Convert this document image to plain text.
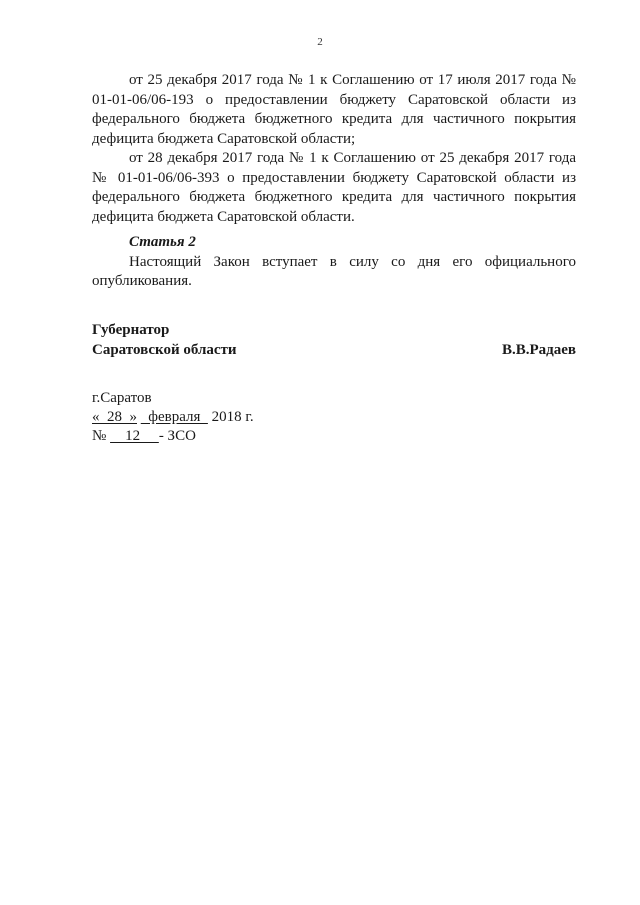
2

от 25 декабря 2017 года № 1 к Соглашению от 17 июля 2017 года № 01-01-06/06-193 о предоставлении бюджету Саратовской области из федерального бюджета бюджетного кредита для частичного покрытия дефицита бюджета Саратовской области;

от 28 декабря 2017 года № 1 к Соглашению от 25 декабря 2017 года № 01-01-06/06-393 о предоставлении бюджету Саратовской области из федерального бюджета бюджетного кредита для частичного покрытия дефицита бюджета Саратовской области.

Статья 2

Настоящий Закон вступает в силу со дня его официального опубликования.

Губернатор
Саратовской области	В.В.Радаев
г.Саратов
«  28  »   февраля   2018 г.
№     12     - ЗСО
